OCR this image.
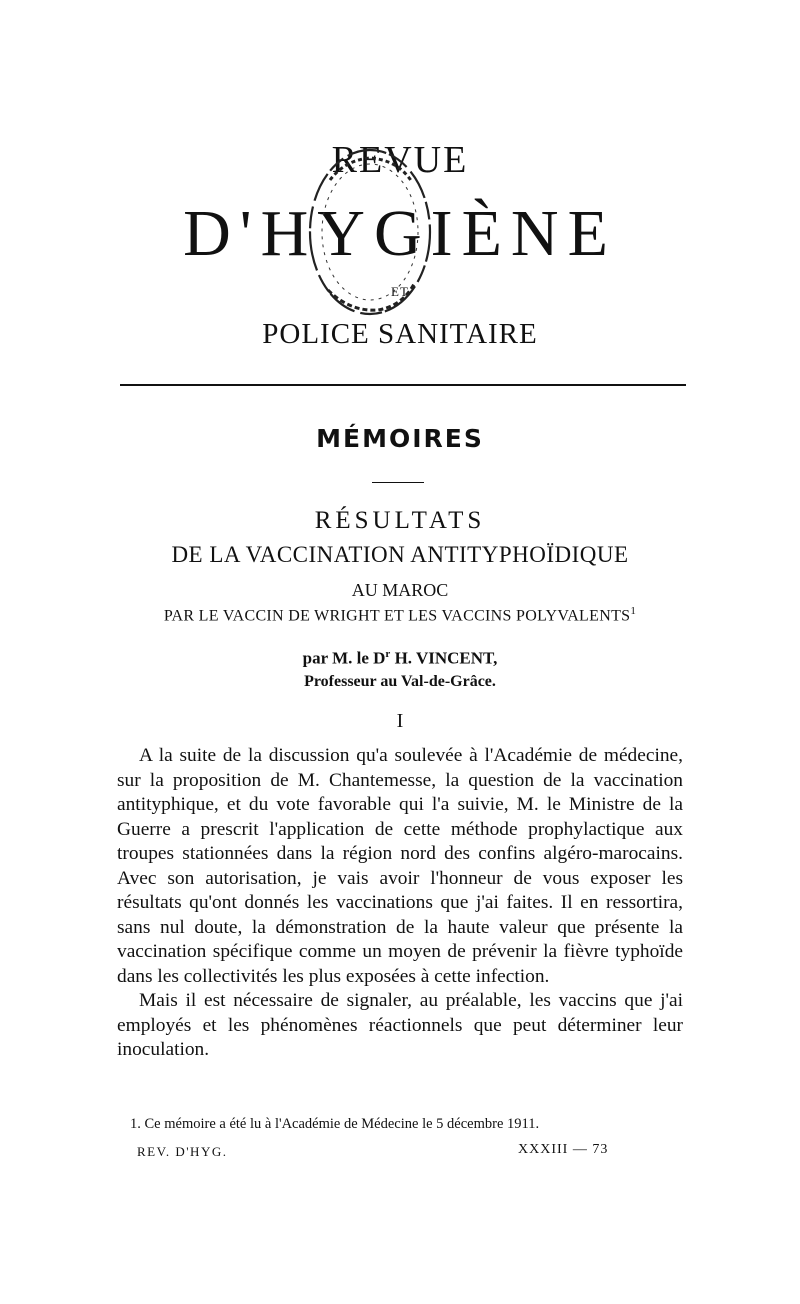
REVUE
D'HYGIÈNE
ET
POLICE SANITAIRE
MÉMOIRES
RÉSULTATS
DE LA VACCINATION ANTITYPHOÏDIQUE
AU MAROC
PAR LE VACCIN DE WRIGHT ET LES VACCINS POLYVALENTS$^1$
par M. le $D^r$ H. VINCENT,
Professeur au Val-de-Grâce.
I

A la suite de la discussion qu'a soulevée à l'Académie de médecine, sur la proposition de M. Chantemesse, la question de la vaccination antityphique, et du vote favorable qui l'a suivie, M. le Ministre de la Guerre a prescrit l'application de cette méthode prophylactique aux troupes stationnées dans la région nord des confins algéro-marocains. Avec son autorisation, je vais avoir l'honneur de vous exposer les résultats qu'ont donnés les vaccinations que j'ai faites. Il en ressortira, sans nul doute, la démonstration de la haute valeur que présente la vaccination spécifique comme un moyen de prévenir la fièvre typhoïde dans les collectivités les plus exposées à cette infection.

Mais il est nécessaire de signaler, au préalable, les vaccins que j'ai employés et les phénomènes réactionnels que peut déterminer leur inoculation.

1. Ce mémoire a été lu à l'Académie de Médecine le 5 décembre 1911.
REV. D'HYG.	XXXIII — 73
